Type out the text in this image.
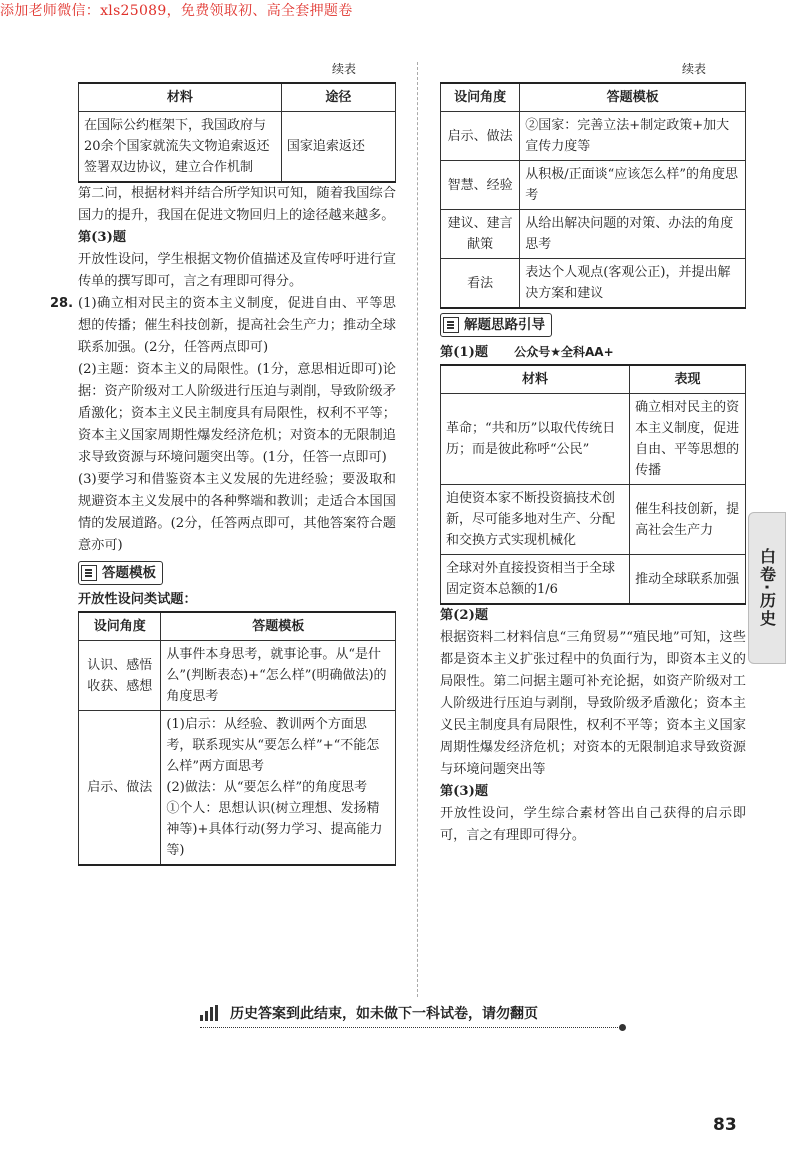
添加老师微信：xls25089，免费领取初、高全套押题卷
续表
材料	途径
在国际公约框架下，我国政府与20余个国家就流失文物追索返还签署双边协议，建立合作机制	国家追索返还

第二问，根据材料并结合所学知识可知，随着我国综合国力的提升，我国在促进文物回归上的途径越来越多。

第(3)题

开放性设问，学生根据文物价值描述及宣传呼吁进行宣传单的撰写即可，言之有理即可得分。

28. (1)确立相对民主的资本主义制度，促进自由、平等思想的传播；催生科技创新，提高社会生产力；推动全球联系加强。(2分，任答两点即可)

(2)主题：资本主义的局限性。(1分，意思相近即可)论据：资产阶级对工人阶级进行压迫与剥削，导致阶级矛盾激化；资本主义民主制度具有局限性，权利不平等；资本主义国家周期性爆发经济危机；对资本的无限制追求导致资源与环境问题突出等。(1分，任答一点即可)

(3)要学习和借鉴资本主义发展的先进经验；要汲取和规避资本主义发展中的各种弊端和教训；走适合本国国情的发展道路。(2分，任答两点即可，其他答案符合题意亦可)

答题模板

开放性设问类试题：

设问角度	答题模板
认识、感悟收获、感想	从事件本身思考，就事论事。从“是什么”(判断表态)+“怎么样”(明确做法)的角度思考
启示、做法	(1)启示：从经验、教训两个方面思考，联系现实从“要怎么样”+“不能怎么样”两方面思考
(2)做法：从“要怎么样”的角度思考
①个人：思想认识(树立理想、发扬精神等)+具体行动(努力学习、提高能力等)
续表
设问角度	答题模板
启示、做法	②国家：完善立法+制定政策+加大宣传力度等
智慧、经验	从积极/正面谈“应该怎么样”的角度思考
建议、建言献策	从给出解决问题的对策、办法的角度思考
看法	表达个人观点(客观公正)，并提出解决方案和建议
解题思路引导

第(1)题 公众号★全科AA+

材料	表现
革命；“共和历”以取代传统日历；而是彼此称呼“公民”	确立相对民主的资本主义制度，促进自由、平等思想的传播
迫使资本家不断投资搞技术创新，尽可能多地对生产、分配和交换方式实现机械化	催生科技创新，提高社会生产力
全球对外直接投资相当于全球固定资本总额的1/6	推动全球联系加强

第(2)题

根据资料二材料信息“三角贸易”“殖民地”可知，这些都是资本主义扩张过程中的负面行为，即资本主义的局限性。第二问据主题可补充论据，如资产阶级对工人阶级进行压迫与剥削，导致阶级矛盾激化；资本主义民主制度具有局限性，权利不平等；资本主义国家周期性爆发经济危机；对资本的无限制追求导致资源与环境问题突出等

第(3)题

开放性设问，学生综合素材答出自己获得的启示即可，言之有理即可得分。

白卷·历史
历史答案到此结束，如未做下一科试卷，请勿翻页
83
